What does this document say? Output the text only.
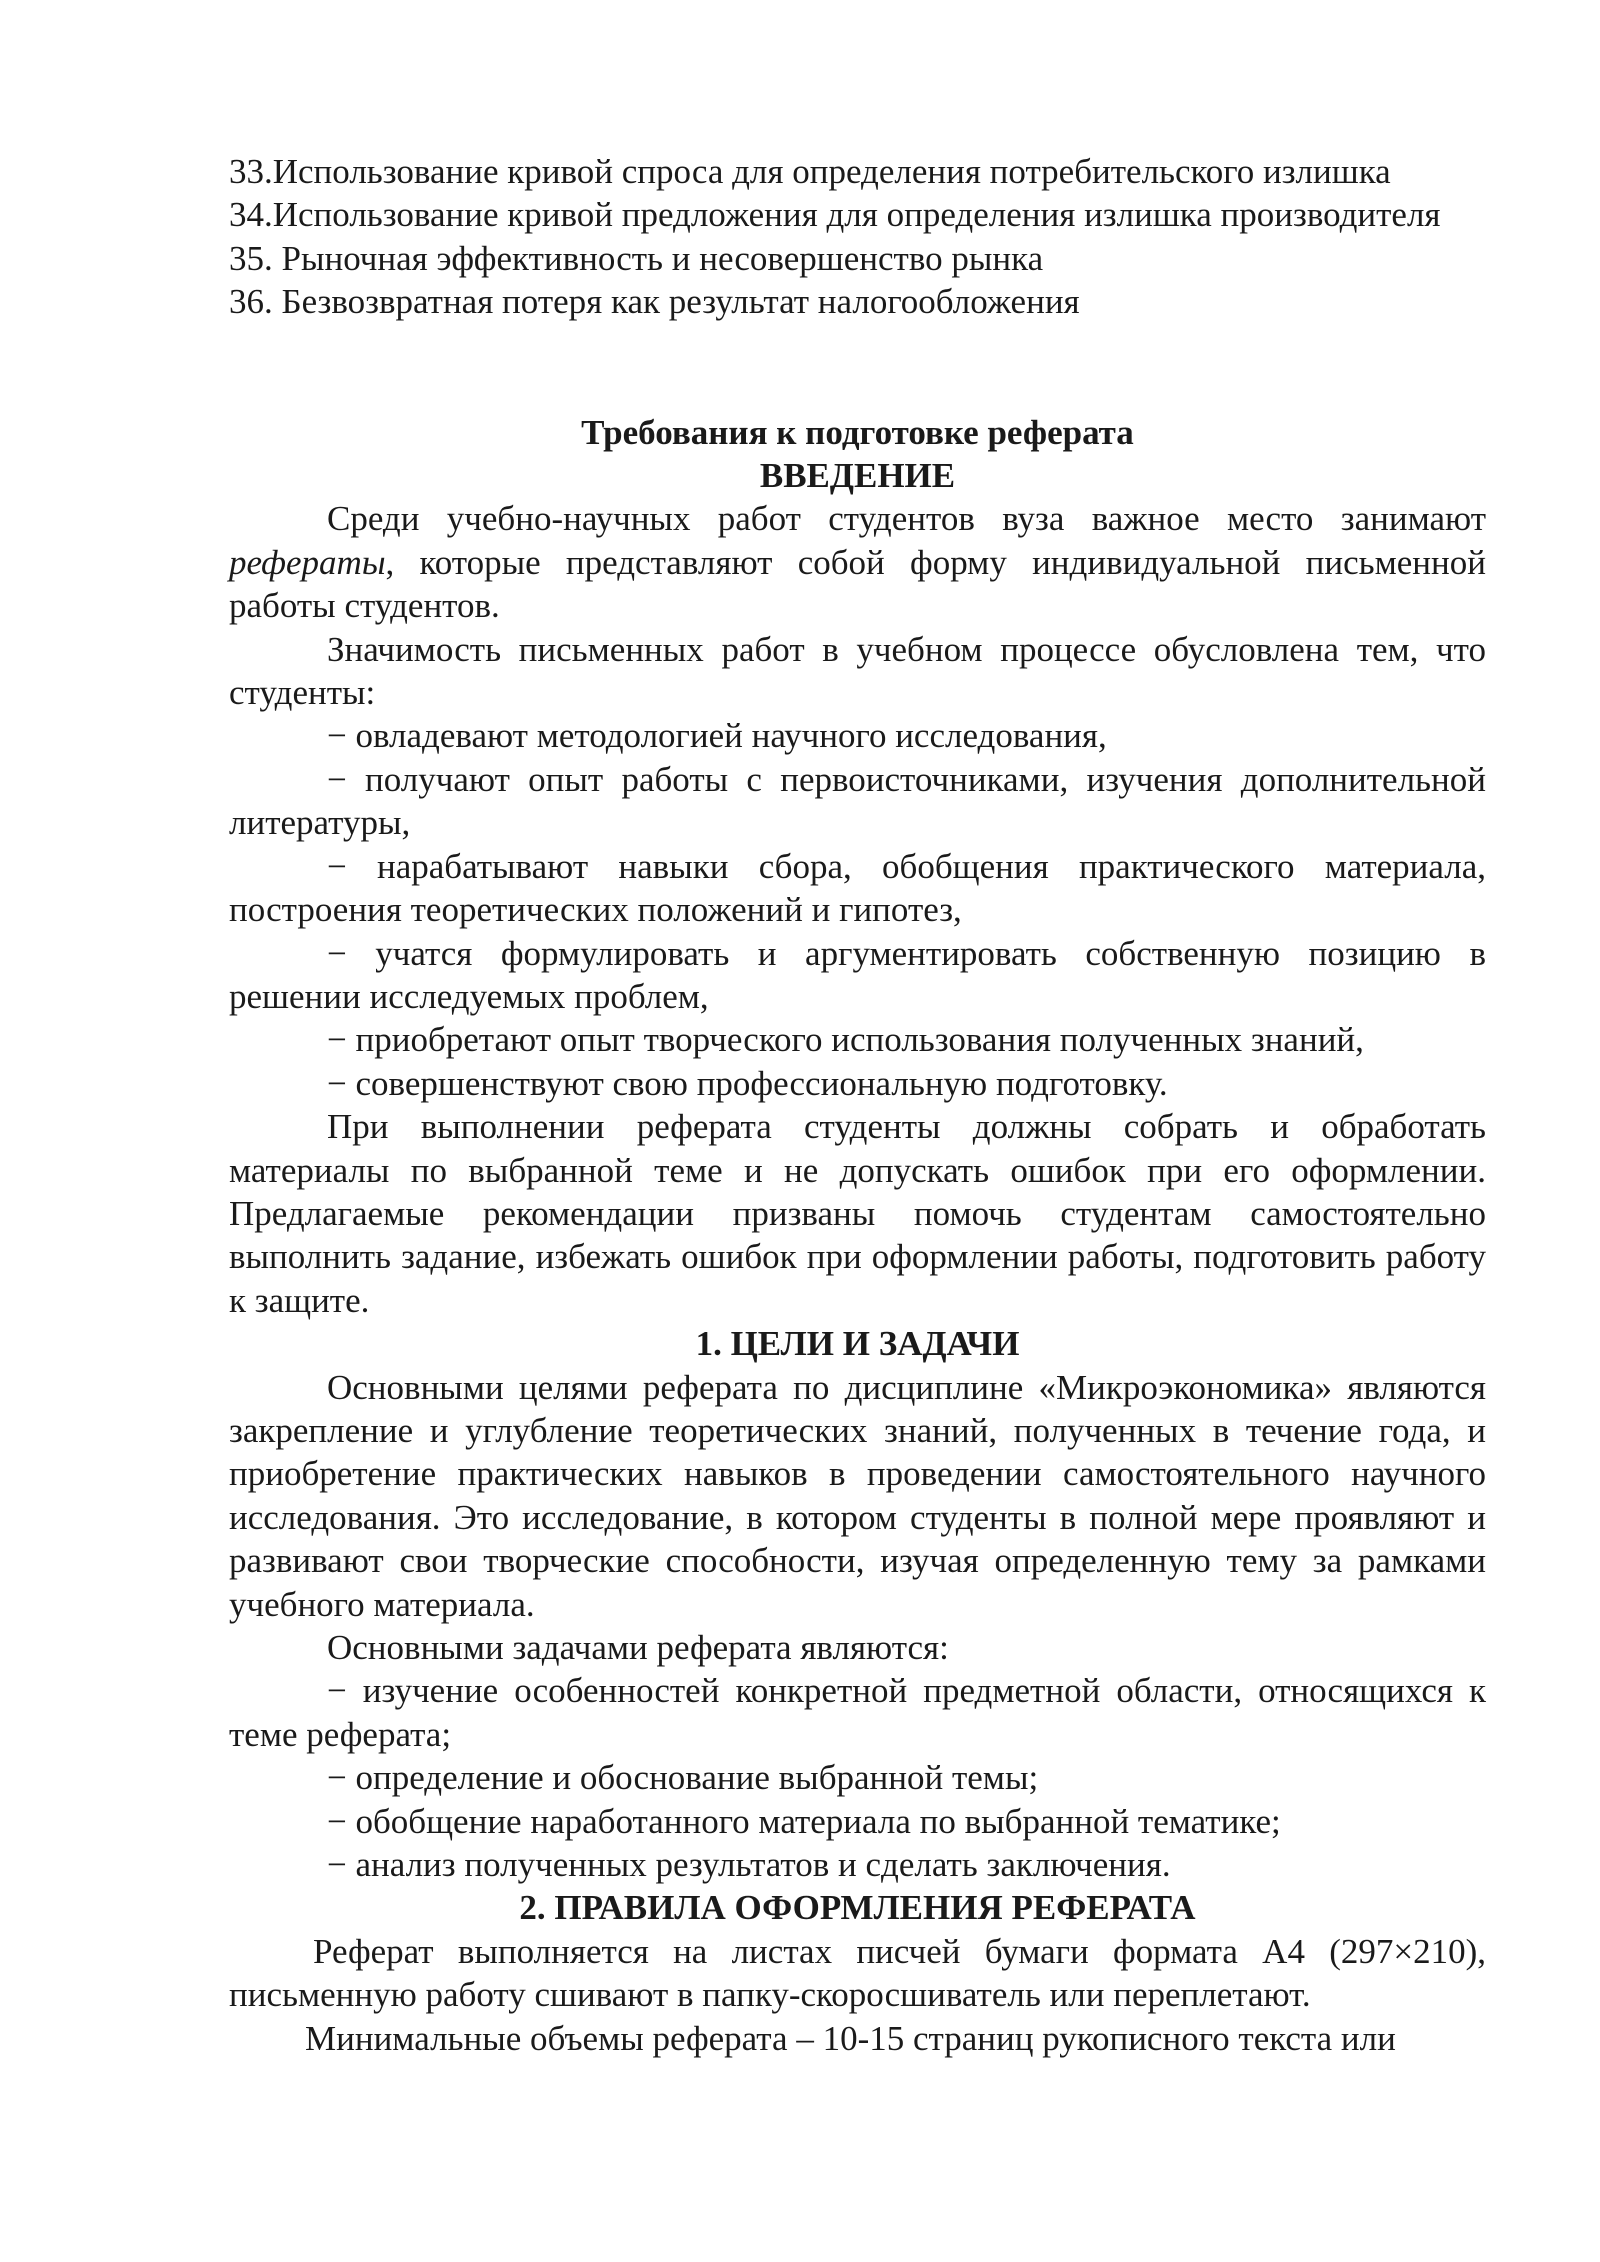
33.Использование кривой спроса для определения потребительского излишка

34.Использование кривой предложения для определения излишка производителя

35. Рыночная эффективность и несовершенство рынка

36. Безвозвратная потеря как результат налогообложения

Требования к подготовке реферата

ВВЕДЕНИЕ

Среди учебно-научных работ студентов вуза важное место занимают рефераты, которые представляют собой форму индивидуальной письменной работы студентов.

Значимость письменных работ в учебном процессе обусловлена тем, что студенты:

− овладевают методологией научного исследования,

− получают опыт работы с первоисточниками, изучения дополнительной литературы,

− нарабатывают навыки сбора, обобщения практического материала, построения теоретических положений и гипотез,

− учатся формулировать и аргументировать собственную позицию в решении исследуемых проблем,

− приобретают опыт творческого использования полученных знаний,

− совершенствуют свою профессиональную подготовку.

При выполнении реферата студенты должны собрать и обработать материалы по выбранной теме и не допускать ошибок при его оформлении. Предлагаемые рекомендации призваны помочь студентам самостоятельно выполнить задание, избежать ошибок при оформлении работы, подготовить работу к защите.

1. ЦЕЛИ И ЗАДАЧИ

Основными целями реферата по дисциплине «Микроэкономика» являются закрепление и углубление теоретических знаний, полученных в течение года, и приобретение практических навыков в проведении самостоятельного научного исследования. Это исследование, в котором студенты в полной мере проявляют и развивают свои творческие способности, изучая определенную тему за рамками учебного материала.

Основными задачами реферата являются:

− изучение особенностей конкретной предметной области, относящихся к теме реферата;

− определение и обоснование выбранной темы;

− обобщение наработанного материала по выбранной тематике;

− анализ полученных результатов и сделать заключения.

2. ПРАВИЛА ОФОРМЛЕНИЯ РЕФЕРАТА

Реферат выполняется на листах писчей бумаги формата А4 (297×210), письменную работу сшивают в папку-скоросшиватель или переплетают.

Минимальные объемы реферата – 10-15 страниц рукописного текста или
